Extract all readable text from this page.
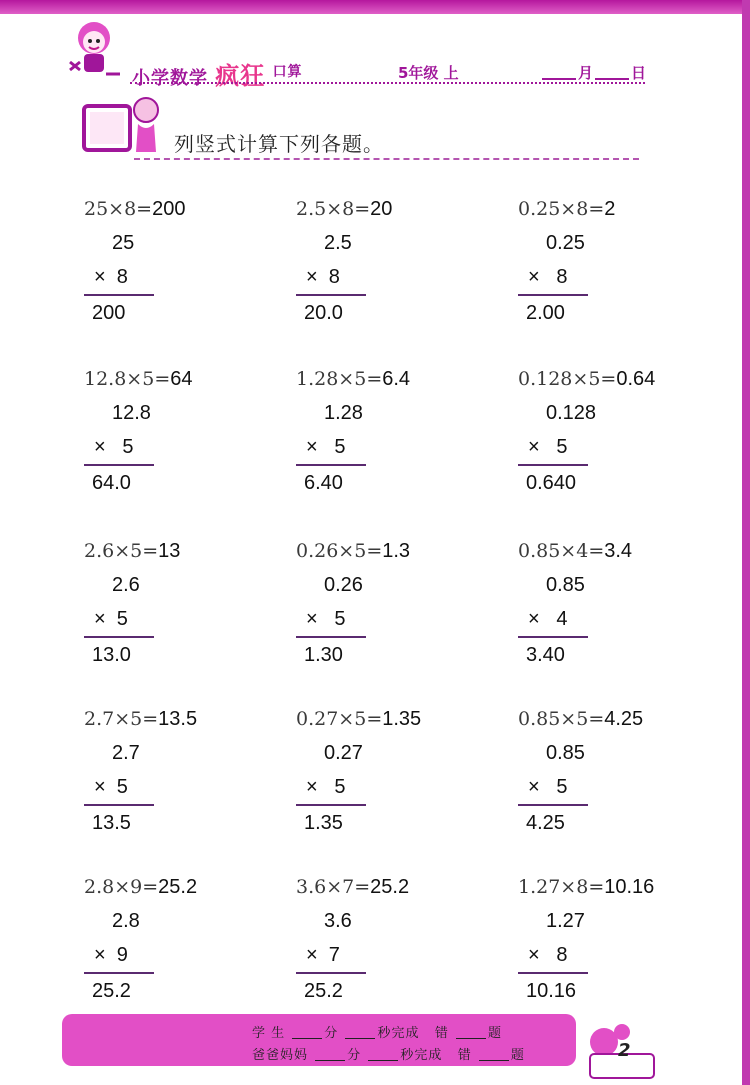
小学数学 疯狂 口算	5年级 上	月	日
列竖式计算下列各题。
25×8=200
25
×  8
200
2.5×8=20
2.5
×  8
20.0
0.25×8=2
0.25
×   8
2.00
12.8×5=64
12.8
×   5
64.0
1.28×5=6.4
1.28
×   5
6.40
0.128×5=0.64
0.128
×   5
0.640
2.6×5=13
2.6
×  5
13.0
0.26×5=1.3
0.26
×   5
1.30
0.85×4=3.4
0.85
×   4
3.40
2.7×5=13.5
2.7
×  5
13.5
0.27×5=1.35
0.27
×   5
1.35
0.85×5=4.25
0.85
×   5
4.25
2.8×9=25.2
2.8
×  9
25.2
3.6×7=25.2
3.6
×  7
25.2
1.27×8=10.16
1.27
×   8
10.16
学 生	分	秒完成 错	题
爸爸妈妈	分	秒完成 错	题	2
